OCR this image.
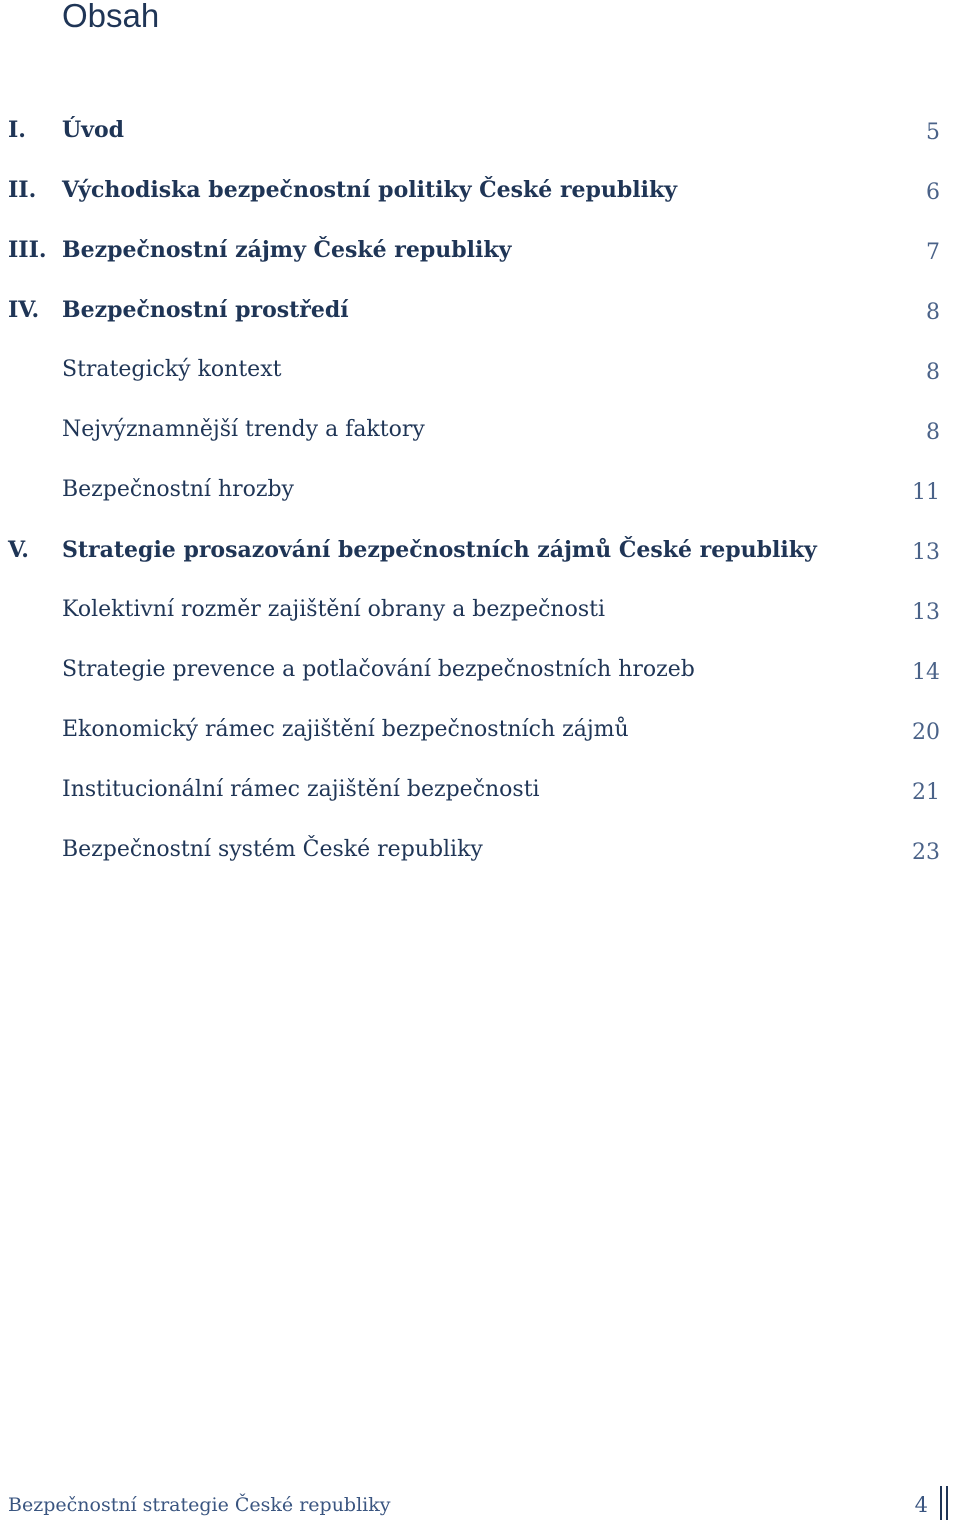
Obsah
I. Úvod	5
II. Východiska bezpečnostní politiky České republiky	6
III. Bezpečnostní zájmy České republiky	7
IV. Bezpečnostní prostředí	8
Strategický kontext	8
Nejvýznamnější trendy a faktory	8
Bezpečnostní hrozby	11
V. Strategie prosazování bezpečnostních zájmů České republiky	13
Kolektivní rozměr zajištění obrany a bezpečnosti	13
Strategie prevence a potlačování bezpečnostních hrozeb	14
Ekonomický rámec zajištění bezpečnostních zájmů	20
Institucionální rámec zajištění bezpečnosti	21
Bezpečnostní systém České republiky	23
Bezpečnostní strategie České republiky	4
